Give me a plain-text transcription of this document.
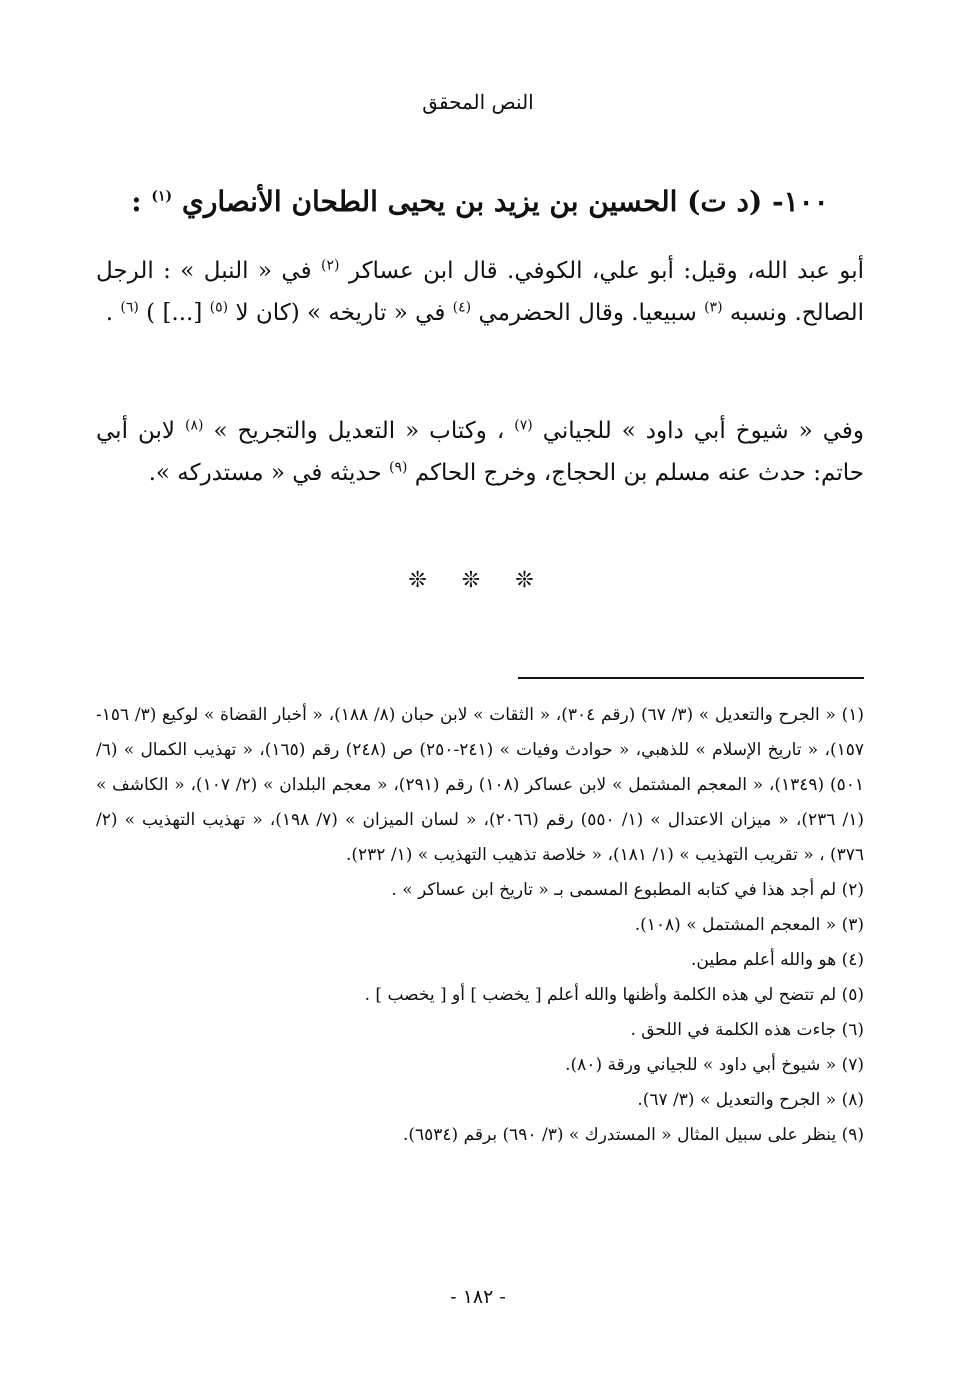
النص المحقق
١٠٠- (د ت) الحسين بن يزيد بن يحيى الطحان الأنصاري $^{(١)}$ :

أبو عبد الله، وقيل: أبو علي، الكوفي. قال ابن عساكر $^{(٢)}$ في « النبل » : الرجل الصالح. ونسبه $^{(٣)}$ سبيعيا. وقال الحضرمي $^{(٤)}$ في « تاريخه » (كان لا $^{(٥)}$ [...] ) $^{(٦)}$ .

وفي « شيوخ أبي داود » للجياني $^{(٧)}$ ، وكتاب « التعديل والتجريح » $^{(٨)}$ لابن أبي حاتم: حدث عنه مسلم بن الحجاج، وخرج الحاكم $^{(٩)}$ حديثه في « مستدركه ».

❊ ❊ ❊
(١) « الجرح والتعديل » (٣/ ٦٧) (رقم ٣٠٤)، « الثقات » لابن حبان (٨/ ١٨٨)، « أخبار القضاة » لوكيع (٣/ ١٥٦- ١٥٧)، « تاريخ الإسلام » للذهبي، « حوادث وفيات » (٢٤١-٢٥٠) ص (٢٤٨) رقم (١٦٥)، « تهذيب الكمال » (٦/ ٥٠١) (١٣٤٩)، « المعجم المشتمل » لابن عساكر (١٠٨) رقم (٢٩١)، « معجم البلدان » (٢/ ١٠٧)، « الكاشف » (١/ ٢٣٦)، « ميزان الاعتدال » (١/ ٥٥٠) رقم (٢٠٦٦)، « لسان الميزان » (٧/ ١٩٨)، « تهذيب التهذيب » (٢/ ٣٧٦) ، « تقريب التهذيب » (١/ ١٨١)، « خلاصة تذهيب التهذيب » (١/ ٢٣٢).
(٢) لم أجد هذا في كتابه المطبوع المسمى بـ « تاريخ ابن عساكر » .
(٣) « المعجم المشتمل » (١٠٨).
(٤) هو والله أعلم مطين.
(٥) لم تتضح لي هذه الكلمة وأظنها والله أعلم [ يخضب ] أو [ يخصب ] .
(٦) جاءت هذه الكلمة في اللحق .
(٧) « شيوخ أبي داود » للجياني ورقة (٨٠).
(٨) « الجرح والتعديل » (٣/ ٦٧).
(٩) ينظر على سبيل المثال « المستدرك » (٣/ ٦٩٠) برقم (٦٥٣٤).
- ١٨٢ -
